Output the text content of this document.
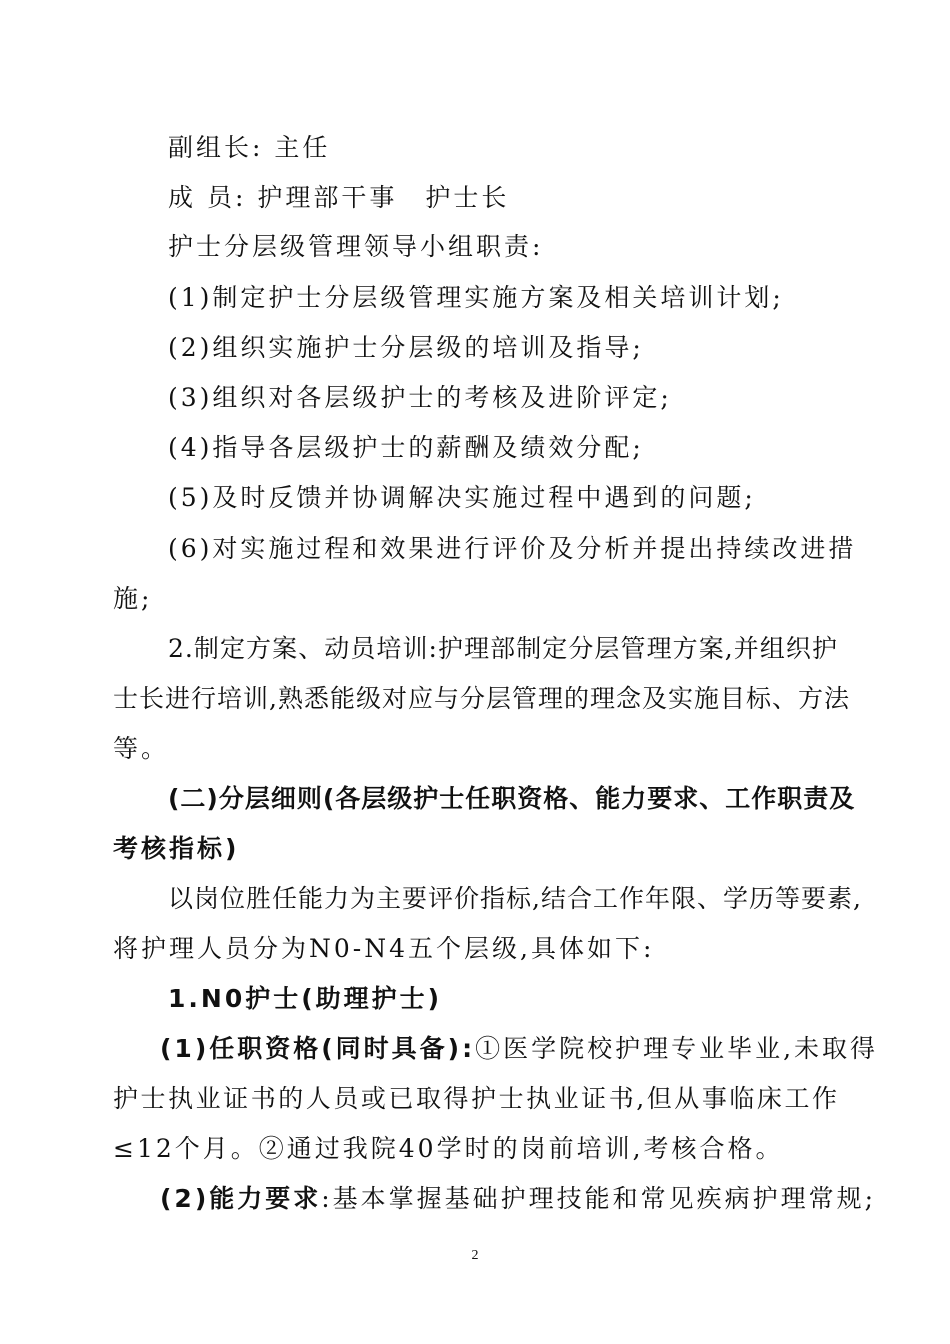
副组长: 主任
成 员: 护理部干事　护士长
护士分层级管理领导小组职责:
(1)制定护士分层级管理实施方案及相关培训计划;
(2)组织实施护士分层级的培训及指导;
(3)组织对各层级护士的考核及进阶评定;
(4)指导各层级护士的薪酬及绩效分配;
(5)及时反馈并协调解决实施过程中遇到的问题;
(6)对实施过程和效果进行评价及分析并提出持续改进措
施;
2.制定方案、动员培训:护理部制定分层管理方案,并组织护
士长进行培训,熟悉能级对应与分层管理的理念及实施目标、方法
等。
(二)分层细则(各层级护士任职资格、能力要求、工作职责及
考核指标)
以岗位胜任能力为主要评价指标,结合工作年限、学历等要素,
将护理人员分为N0-N4五个层级,具体如下:
1.N0护士(助理护士)
(1)任职资格(同时具备):①医学院校护理专业毕业,未取得
护士执业证书的人员或已取得护士执业证书,但从事临床工作
≤12个月。②通过我院40学时的岗前培训,考核合格。
(2)能力要求:基本掌握基础护理技能和常见疾病护理常规;
2
